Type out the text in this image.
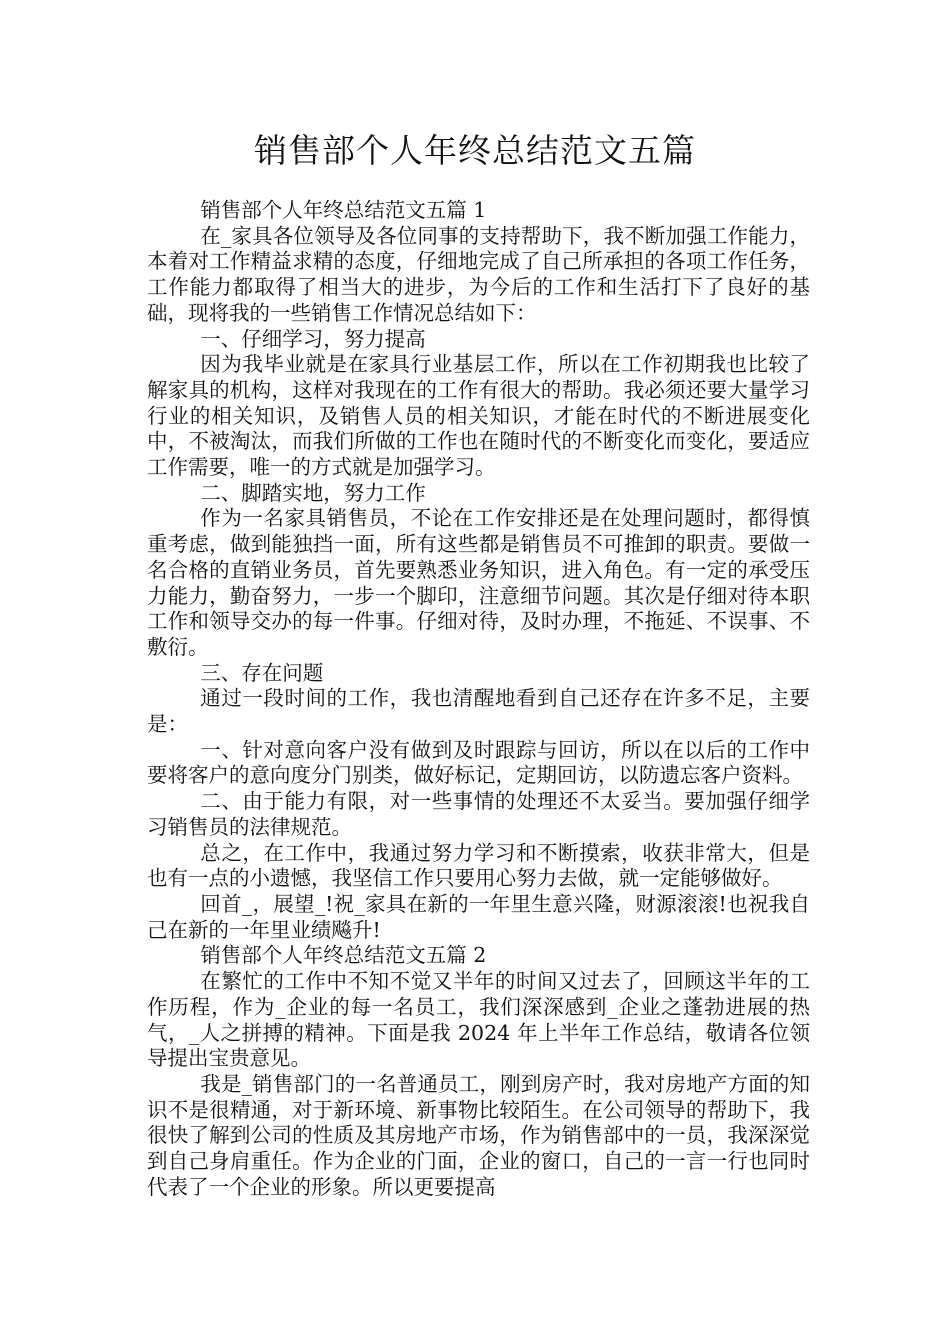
销售部个人年终总结范文五篇

销售部个人年终总结范文五篇 1

在_家具各位领导及各位同事的支持帮助下，我不断加强工作能力，本着对工作精益求精的态度，仔细地完成了自己所承担的各项工作任务，工作能力都取得了相当大的进步，为今后的工作和生活打下了良好的基础，现将我的一些销售工作情况总结如下：

一、仔细学习，努力提高

因为我毕业就是在家具行业基层工作，所以在工作初期我也比较了解家具的机构，这样对我现在的工作有很大的帮助。我必须还要大量学习行业的相关知识，及销售人员的相关知识，才能在时代的不断进展变化中，不被淘汰，而我们所做的工作也在随时代的不断变化而变化，要适应工作需要，唯一的方式就是加强学习。

二、脚踏实地，努力工作

作为一名家具销售员，不论在工作安排还是在处理问题时，都得慎重考虑，做到能独挡一面，所有这些都是销售员不可推卸的职责。要做一名合格的直销业务员，首先要熟悉业务知识，进入角色。有一定的承受压力能力，勤奋努力，一步一个脚印，注意细节问题。其次是仔细对待本职工作和领导交办的每一件事。仔细对待，及时办理，不拖延、不误事、不敷衍。

三、存在问题

通过一段时间的工作，我也清醒地看到自己还存在许多不足，主要是：

一、针对意向客户没有做到及时跟踪与回访，所以在以后的工作中要将客户的意向度分门别类，做好标记，定期回访，以防遗忘客户资料。

二、由于能力有限，对一些事情的处理还不太妥当。要加强仔细学习销售员的法律规范。

总之，在工作中，我通过努力学习和不断摸索，收获非常大，但是也有一点的小遗憾，我坚信工作只要用心努力去做，就一定能够做好。

回首_，展望_!祝_家具在新的一年里生意兴隆，财源滚滚!也祝我自己在新的一年里业绩飚升!

销售部个人年终总结范文五篇 2

在繁忙的工作中不知不觉又半年的时间又过去了，回顾这半年的工作历程，作为_企业的每一名员工，我们深深感到_企业之蓬勃进展的热气，_人之拼搏的精神。下面是我 2024 年上半年工作总结，敬请各位领导提出宝贵意见。

我是_销售部门的一名普通员工，刚到房产时，我对房地产方面的知识不是很精通，对于新环境、新事物比较陌生。在公司领导的帮助下，我很快了解到公司的性质及其房地产市场，作为销售部中的一员，我深深觉到自己身肩重任。作为企业的门面，企业的窗口，自己的一言一行也同时代表了一个企业的形象。所以更要提高
